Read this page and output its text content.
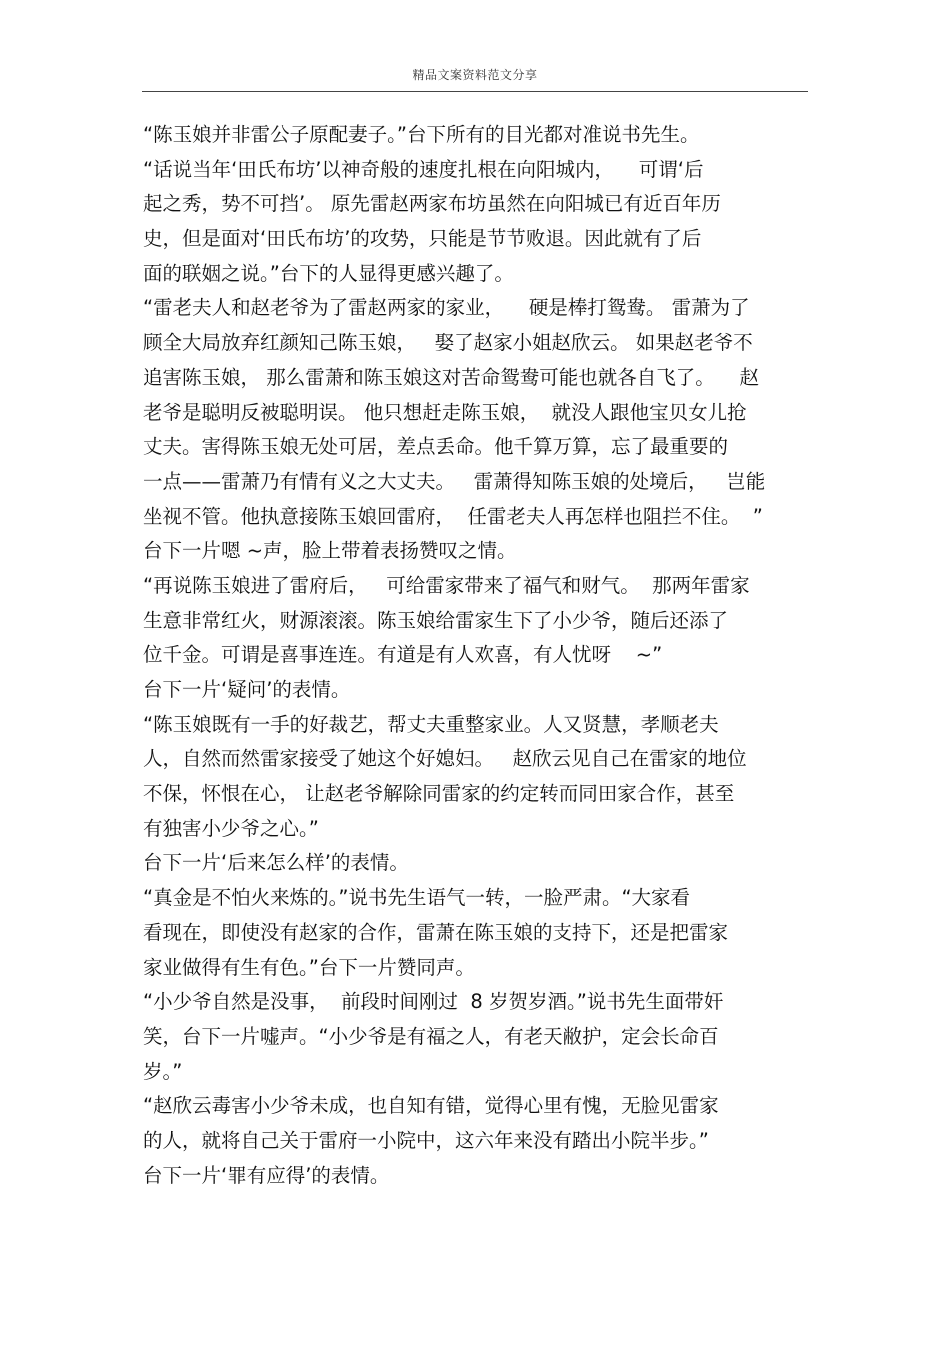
精品文案资料范文分享
“陈玉娘并非雷公子原配妻子。”台下所有的目光都对准说书先生。
“话说当年‘田氏布坊’以神奇般的速度扎根在向阳城内，    可谓‘后
起之秀，势不可挡’。 原先雷赵两家布坊虽然在向阳城已有近百年历
史，但是面对‘田氏布坊’的攻势，只能是节节败退。因此就有了后
面的联姻之说。”台下的人显得更感兴趣了。
“雷老夫人和赵老爷为了雷赵两家的家业，    硬是棒打鸳鸯。 雷萧为了
顾全大局放弃红颜知己陈玉娘，   娶了赵家小姐赵欣云。 如果赵老爷不
追害陈玉娘， 那么雷萧和陈玉娘这对苦命鸳鸯可能也就各自飞了。    赵
老爷是聪明反被聪明误。 他只想赶走陈玉娘，  就没人跟他宝贝女儿抢
丈夫。害得陈玉娘无处可居，差点丢命。他千算万算，忘了最重要的
一点——雷萧乃有情有义之大丈夫。   雷萧得知陈玉娘的处境后，   岂能
坐视不管。他执意接陈玉娘回雷府，  任雷老夫人再怎样也阻拦不住。  ”
台下一片嗯 ~声，脸上带着表扬赞叹之情。
“再说陈玉娘进了雷府后，   可给雷家带来了福气和财气。  那两年雷家
生意非常红火，财源滚滚。陈玉娘给雷家生下了小少爷，随后还添了
位千金。可谓是喜事连连。有道是有人欢喜，有人忧呀    ~”
台下一片‘疑问’的表情。
“陈玉娘既有一手的好裁艺，帮丈夫重整家业。人又贤慧，孝顺老夫
人，自然而然雷家接受了她这个好媳妇。   赵欣云见自己在雷家的地位
不保，怀恨在心， 让赵老爷解除同雷家的约定转而同田家合作，甚至
有独害小少爷之心。”
台下一片‘后来怎么样’的表情。
“真金是不怕火来炼的。”说书先生语气一转，一脸严肃。“大家看
看现在，即使没有赵家的合作，雷萧在陈玉娘的支持下，还是把雷家
家业做得有生有色。”台下一片赞同声。
“小少爷自然是没事，  前段时间刚过  8 岁贺岁酒。”说书先生面带奸
笑，台下一片嘘声。“小少爷是有福之人，有老天敝护，定会长命百
岁。”
“赵欣云毒害小少爷未成，也自知有错，觉得心里有愧，无脸见雷家
的人，就将自己关于雷府一小院中，这六年来没有踏出小院半步。”
台下一片‘罪有应得’的表情。
